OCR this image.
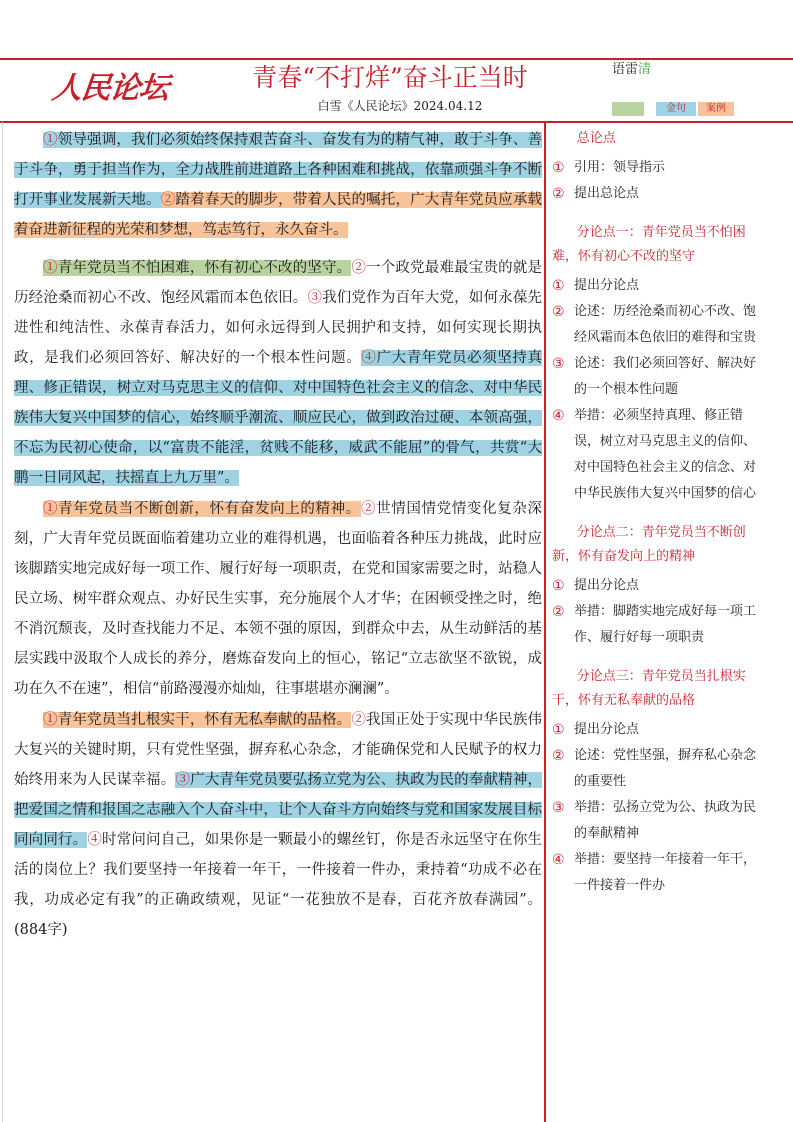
人民论坛	青春“不打烊”奋斗正当时
白雪《人民论坛》2024.04.12
语雷清
金句	案例

①领导强调，我们必须始终保持艰苦奋斗、奋发有为的精气神，敢于斗争、善于斗争，勇于担当作为，全力战胜前进道路上各种困难和挑战，依靠顽强斗争不断打开事业发展新天地。②踏着春天的脚步，带着人民的嘱托，广大青年党员应承载着奋进新征程的光荣和梦想，笃志笃行，永久奋斗。

①青年党员当不怕困难，怀有初心不改的坚守。②一个政党最难最宝贵的就是历经沧桑而初心不改、饱经风霜而本色依旧。③我们党作为百年大党，如何永葆先进性和纯洁性、永葆青春活力，如何永远得到人民拥护和支持，如何实现长期执政，是我们必须回答好、解决好的一个根本性问题。④广大青年党员必须坚持真理、修正错误，树立对马克思主义的信仰、对中国特色社会主义的信念、对中华民族伟大复兴中国梦的信心，始终顺乎潮流、顺应民心，做到政治过硬、本领高强，不忘为民初心使命，以“富贵不能淫，贫贱不能移，威武不能屈”的骨气，共赏“大鹏一日同风起，扶摇直上九万里”。

①青年党员当不断创新，怀有奋发向上的精神。②世情国情党情变化复杂深刻，广大青年党员既面临着建功立业的难得机遇，也面临着各种压力挑战，此时应该脚踏实地完成好每一项工作、履行好每一项职责，在党和国家需要之时，站稳人民立场、树牢群众观点、办好民生实事，充分施展个人才华；在困顿受挫之时，绝不消沉颓丧，及时查找能力不足、本领不强的原因，到群众中去，从生动鲜活的基层实践中汲取个人成长的养分，磨炼奋发向上的恒心，铭记“立志欲坚不欲锐，成功在久不在速”，相信“前路漫漫亦灿灿，往事堪堪亦澜澜”。

①青年党员当扎根实干，怀有无私奉献的品格。②我国正处于实现中华民族伟大复兴的关键时期，只有党性坚强，摒弃私心杂念，才能确保党和人民赋予的权力始终用来为人民谋幸福。③广大青年党员要弘扬立党为公、执政为民的奉献精神，把爱国之情和报国之志融入个人奋斗中，让个人奋斗方向始终与党和国家发展目标同向同行。④时常问问自己，如果你是一颗最小的螺丝钉，你是否永远坚守在你生活的岗位上？我们要坚持一年接着一年干，一件接着一件办，秉持着“功成不必在我，功成必定有我”的正确政绩观，见证“一花独放不是春，百花齐放春满园”。(884字)

总论点
① 引用：领导指示
② 提出总论点
分论点一：青年党员当不怕困难，怀有初心不改的坚守
① 提出分论点
② 论述：历经沧桑而初心不改、饱经风霜而本色依旧的难得和宝贵
③ 论述：我们必须回答好、解决好的一个根本性问题
④ 举措：必须坚持真理、修正错误，树立对马克思主义的信仰、对中国特色社会主义的信念、对中华民族伟大复兴中国梦的信心
分论点二：青年党员当不断创新，怀有奋发向上的精神
① 提出分论点
② 举措：脚踏实地完成好每一项工作、履行好每一项职责
分论点三：青年党员当扎根实干，怀有无私奉献的品格
① 提出分论点
② 论述：党性坚强，摒弃私心杂念的重要性
③ 举措：弘扬立党为公、执政为民的奉献精神
④ 举措：要坚持一年接着一年干，一件接着一件办
